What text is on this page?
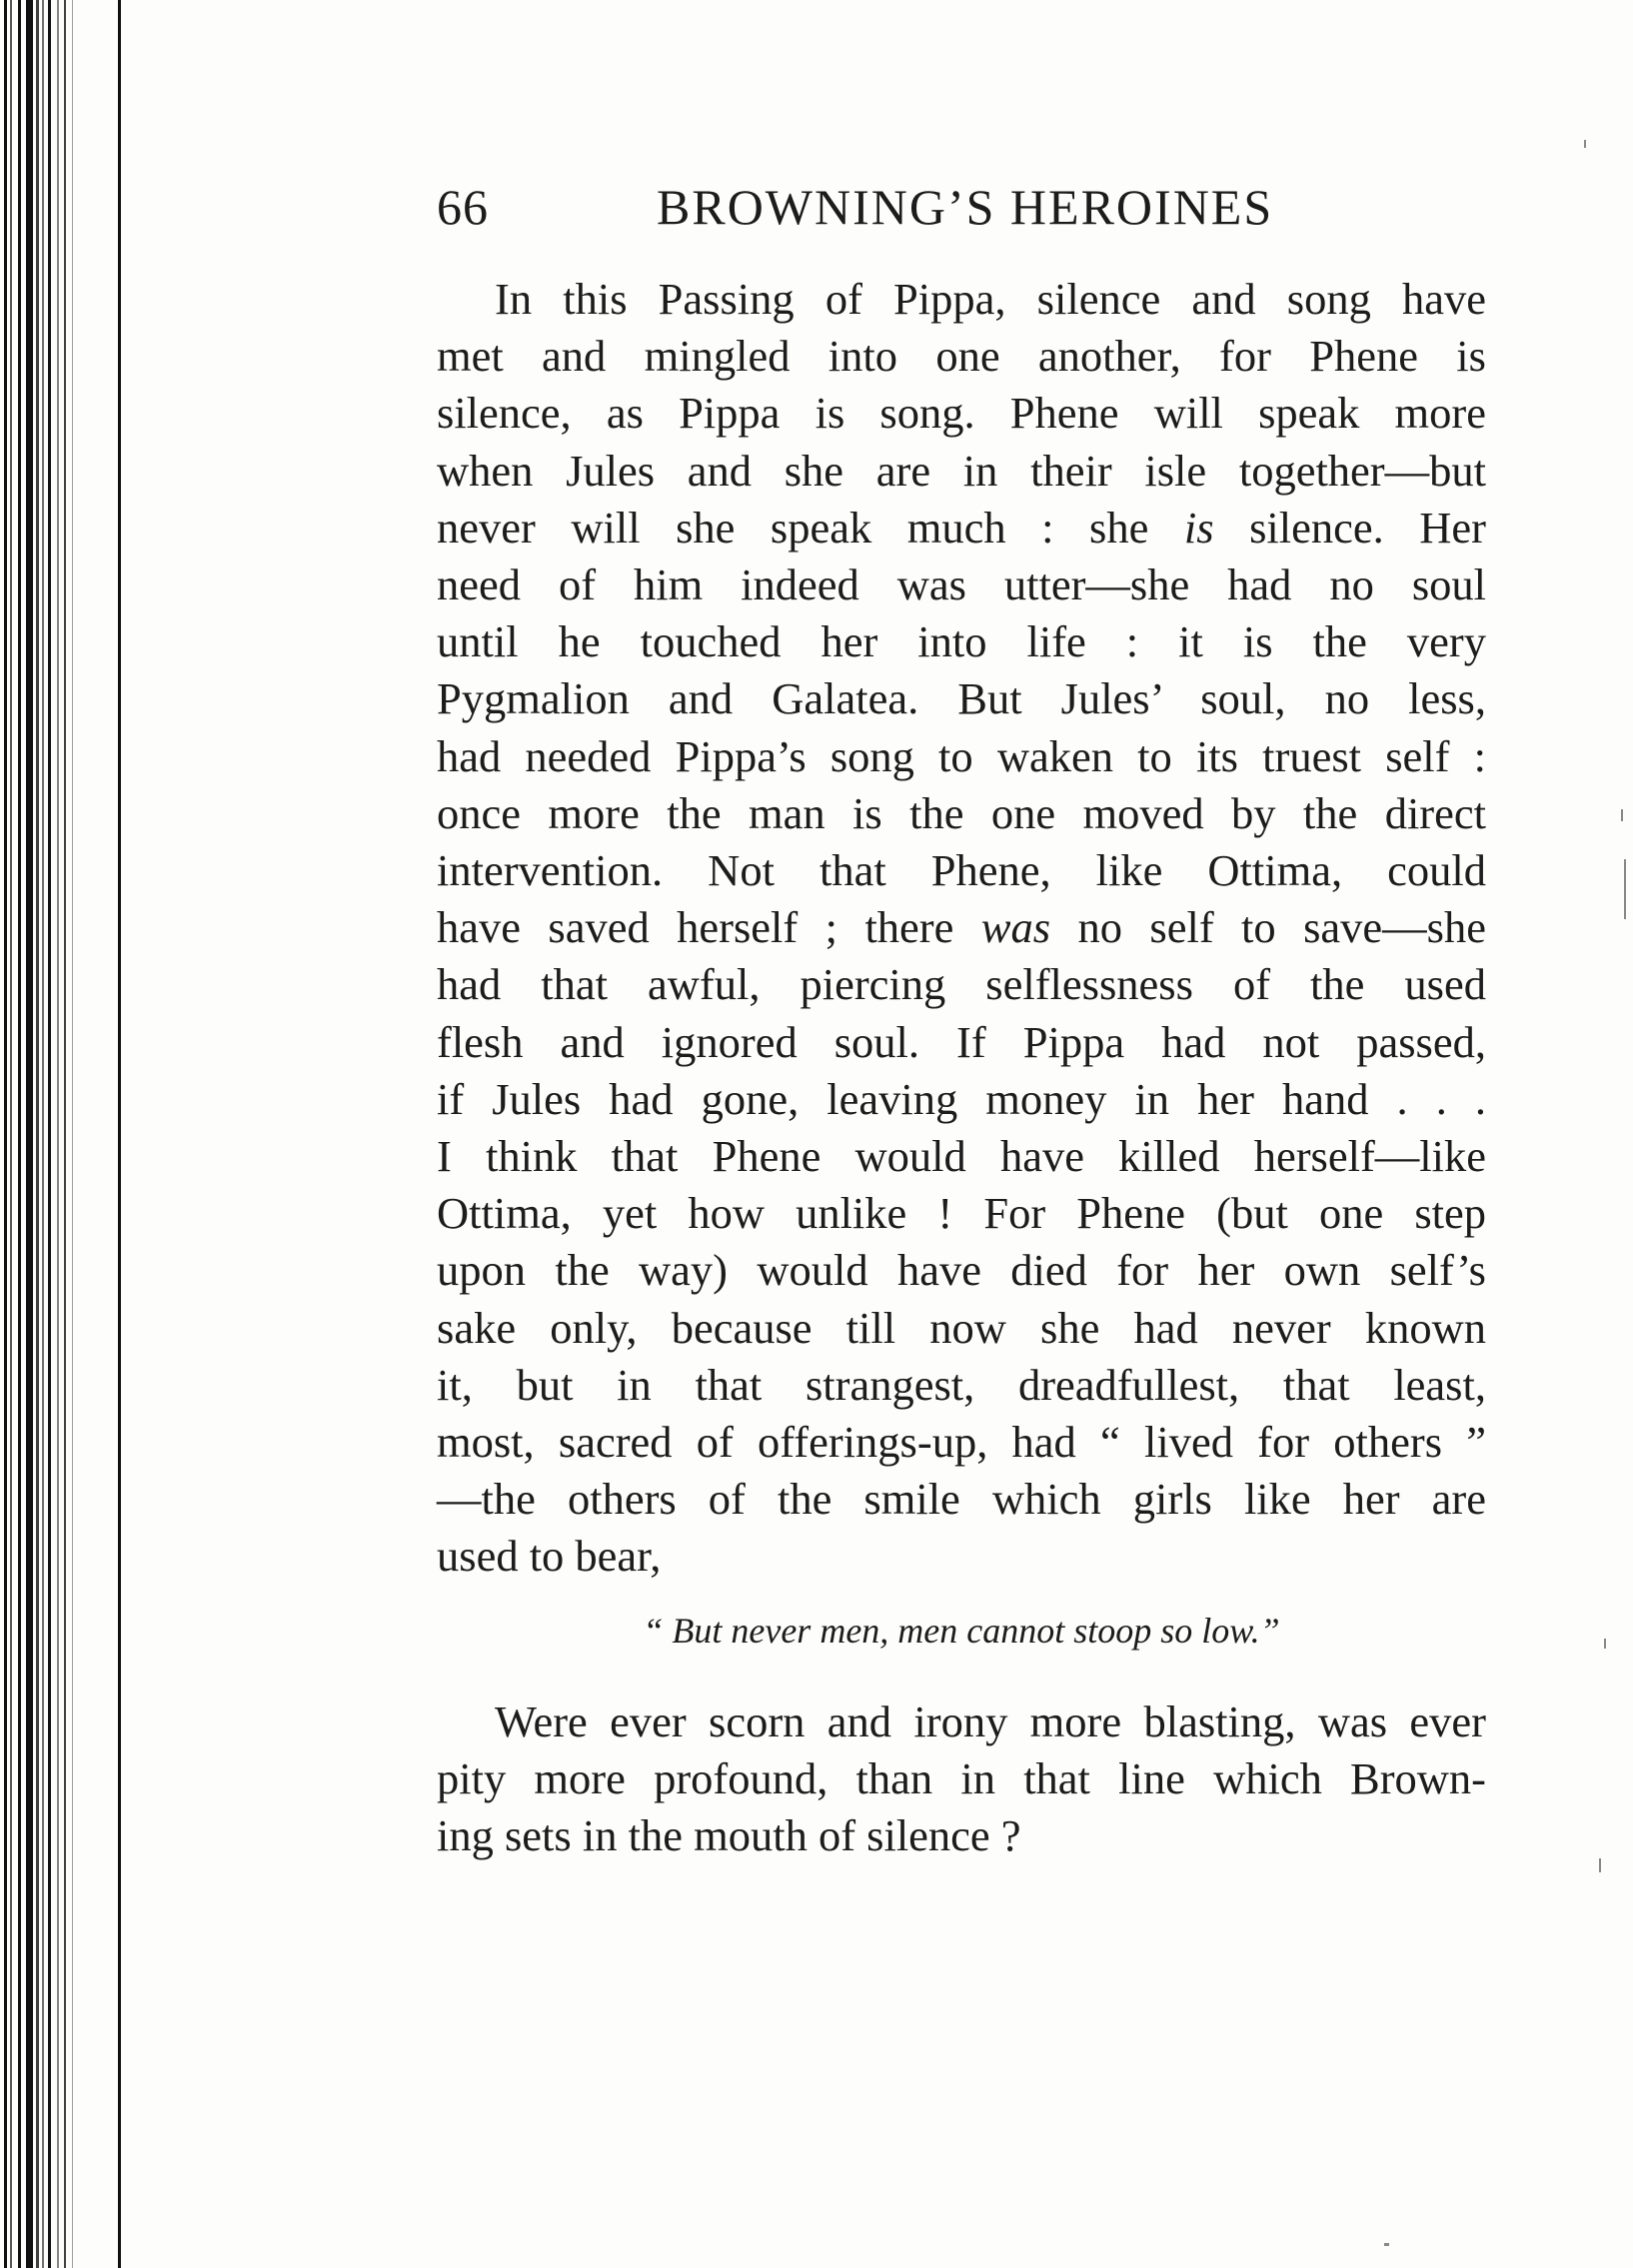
66	BROWNING’S HEROINES
In this Passing of Pippa, silence and song have
met and mingled into one another, for Phene is
silence, as Pippa is song. Phene will speak more
when Jules and she are in their isle together—but
never will she speak much : she is silence. Her
need of him indeed was utter—she had no soul
until he touched her into life : it is the very
Pygmalion and Galatea. But Jules’ soul, no less,
had needed Pippa’s song to waken to its truest self :
once more the man is the one moved by the direct
intervention. Not that Phene, like Ottima, could
have saved herself ; there was no self to save—she
had that awful, piercing selflessness of the used
flesh and ignored soul. If Pippa had not passed,
if Jules had gone, leaving money in her hand . . .
I think that Phene would have killed herself—like
Ottima, yet how unlike ! For Phene (but one step
upon the way) would have died for her own self’s
sake only, because till now she had never known
it, but in that strangest, dreadfullest, that least,
most, sacred of offerings-up, had “ lived for others ”
—the others of the smile which girls like her are
used to bear,
“ But never men, men cannot stoop so low.”
Were ever scorn and irony more blasting, was ever
pity more profound, than in that line which Brown-
ing sets in the mouth of silence ?
